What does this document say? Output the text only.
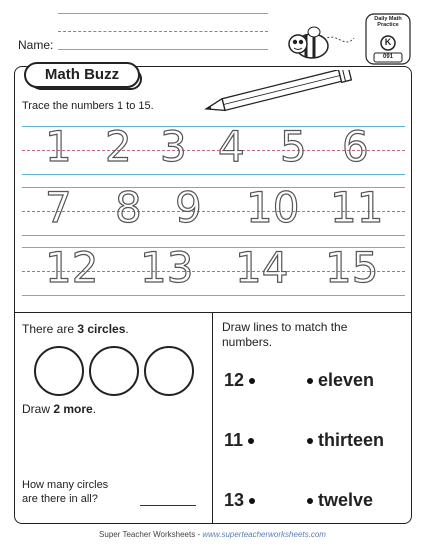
Name:
Daily Math Practice
K
091
Math Buzz
Trace the numbers 1 to 15.
1 2 3 4 5 6
7 8 9 10 11
12 13 14 15
There are 3 circles.
Draw 2 more.
How many circles
are there in all?
Draw lines to match the
numbers.
12
11
13
eleven
thirteen
twelve
Super Teacher Worksheets - www.superteacherworksheets.com
